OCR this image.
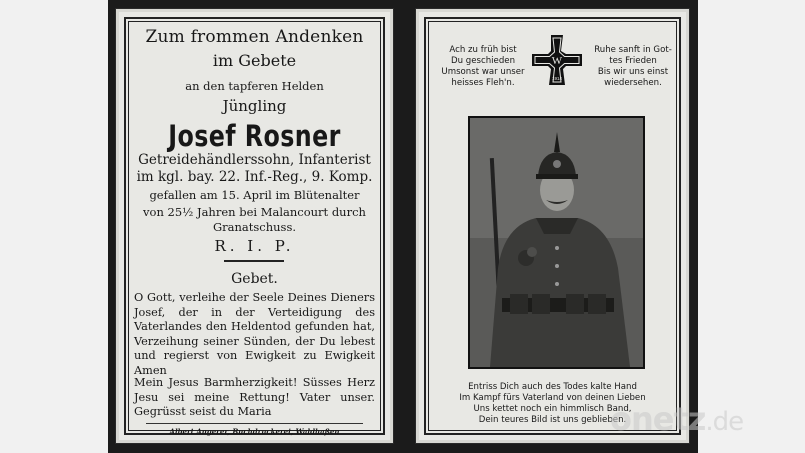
Zum frommen Andenken
im Gebete
an den tapferen Helden
Jüngling
Josef Rosner
Getreidehändlerssohn, Infanterist
im kgl. bay. 22. Inf.-Reg., 9. Komp.
gefallen am 15. April im Blütenalter
von 25½ Jahren bei Malancourt durch
Granatschuss.
R. I. P.
Gebet.
O Gott, verleihe der Seele Deines Dieners Josef, der in der Verteidigung des Vaterlandes den Heldentod gefunden hat, Verzeihung seiner Sünden, der Du lebest und regierst von Ewigkeit zu Ewigkeit Amen
Mein Jesus Barmherzigkeit! Süsses Herz Jesu sei meine Rettung! Vater unser. Gegrüsst seist du Maria
Albert Angerer, Buchdruckerei, Waldhaßen
Ach zu früh bist
Du geschieden
Umsonst war unser
heisses Fleh'n.
W
1914
Ruhe sanft in Got-
tes Frieden
Bis wir uns einst
wiedersehen.
Entriss Dich auch des Todes kalte Hand
Im Kampf fürs Vaterland von deinen Lieben
Uns kettet noch ein himmlisch Band,
Dein teures Bild ist uns geblieben.
onetz.de
